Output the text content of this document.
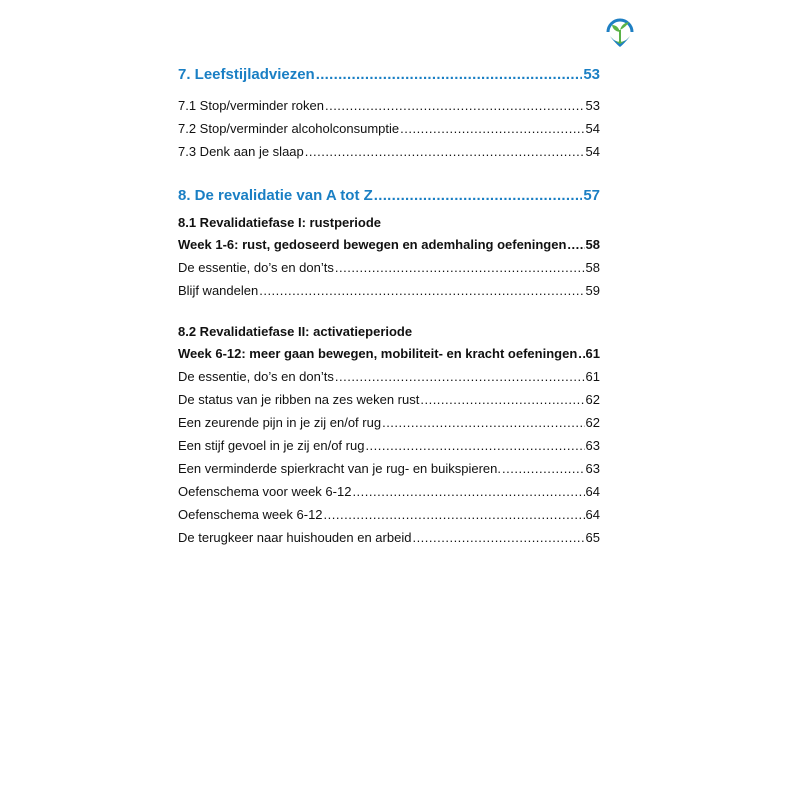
7. Leefstijladviezen .....	53
7.1 Stop/verminder roken .....	53
7.2 Stop/verminder alcoholconsumptie .....	54
7.3 Denk aan je slaap .....	54
8. De revalidatie van A tot Z .....	57
8.1 Revalidatiefase I: rustperiode
Week 1-6: rust, gedoseerd bewegen en ademhaling oefeningen ..... 58
De essentie, do’s en don’ts .....	58
Blijf wandelen .....	59
8.2 Revalidatiefase II: activatieperiode
Week 6-12: meer gaan bewegen, mobiliteit- en kracht oefeningen ..... 61
De essentie, do’s en don’ts .....	61
De status van je ribben na zes weken rust .....	62
Een zeurende pijn in je zij en/of rug .....	62
Een stijf gevoel in je zij en/of rug .....	63
Een verminderde spierkracht van je rug- en buikspieren. .....	63
Oefenschema voor week 6-12 .....	64
Oefenschema week 6-12 .....	64
De terugkeer naar huishouden en arbeid .....	65
